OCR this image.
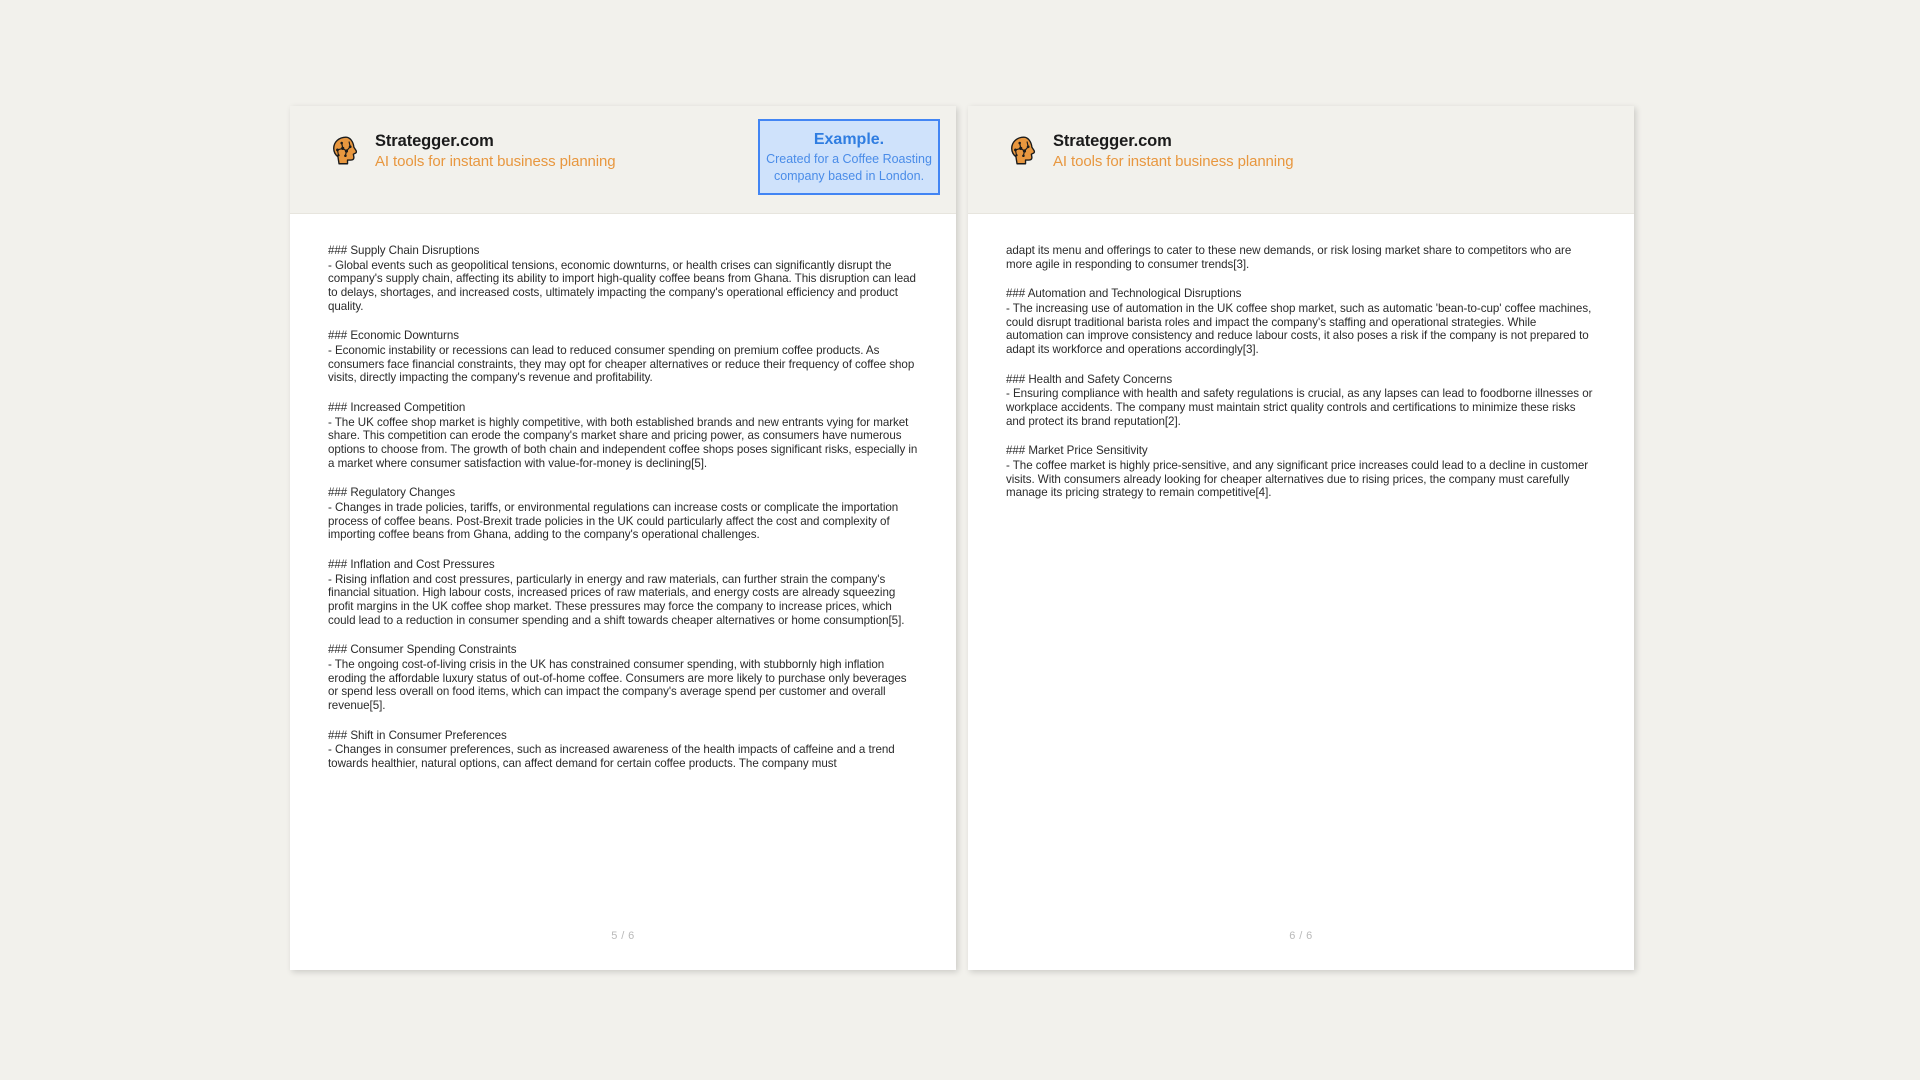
Strategger.com
AI tools for instant business planning
Example.
Created for a Coffee Roasting
company based in London.
### Supply Chain Disruptions
- Global events such as geopolitical tensions, economic downturns, or health crises can significantly disrupt the company's supply chain, affecting its ability to import high-quality coffee beans from Ghana. This disruption can lead to delays, shortages, and increased costs, ultimately impacting the company's operational efficiency and product quality.
### Economic Downturns
- Economic instability or recessions can lead to reduced consumer spending on premium coffee products. As consumers face financial constraints, they may opt for cheaper alternatives or reduce their frequency of coffee shop visits, directly impacting the company's revenue and profitability.
### Increased Competition
- The UK coffee shop market is highly competitive, with both established brands and new entrants vying for market share. This competition can erode the company's market share and pricing power, as consumers have numerous options to choose from. The growth of both chain and independent coffee shops poses significant risks, especially in a market where consumer satisfaction with value-for-money is declining[5].
### Regulatory Changes
- Changes in trade policies, tariffs, or environmental regulations can increase costs or complicate the importation process of coffee beans. Post-Brexit trade policies in the UK could particularly affect the cost and complexity of importing coffee beans from Ghana, adding to the company's operational challenges.
### Inflation and Cost Pressures
- Rising inflation and cost pressures, particularly in energy and raw materials, can further strain the company's financial situation. High labour costs, increased prices of raw materials, and energy costs are already squeezing profit margins in the UK coffee shop market. These pressures may force the company to increase prices, which could lead to a reduction in consumer spending and a shift towards cheaper alternatives or home consumption[5].
### Consumer Spending Constraints
- The ongoing cost-of-living crisis in the UK has constrained consumer spending, with stubbornly high inflation eroding the affordable luxury status of out-of-home coffee. Consumers are more likely to purchase only beverages or spend less overall on food items, which can impact the company's average spend per customer and overall revenue[5].
### Shift in Consumer Preferences
- Changes in consumer preferences, such as increased awareness of the health impacts of caffeine and a trend towards healthier, natural options, can affect demand for certain coffee products. The company must
5 / 6
Strategger.com
AI tools for instant business planning
adapt its menu and offerings to cater to these new demands, or risk losing market share to competitors who are more agile in responding to consumer trends[3].
### Automation and Technological Disruptions
- The increasing use of automation in the UK coffee shop market, such as automatic 'bean-to-cup' coffee machines, could disrupt traditional barista roles and impact the company's staffing and operational strategies. While automation can improve consistency and reduce labour costs, it also poses a risk if the company is not prepared to adapt its workforce and operations accordingly[3].
### Health and Safety Concerns
- Ensuring compliance with health and safety regulations is crucial, as any lapses can lead to foodborne illnesses or workplace accidents. The company must maintain strict quality controls and certifications to minimize these risks and protect its brand reputation[2].
### Market Price Sensitivity
- The coffee market is highly price-sensitive, and any significant price increases could lead to a decline in customer visits. With consumers already looking for cheaper alternatives due to rising prices, the company must carefully manage its pricing strategy to remain competitive[4].
6 / 6
